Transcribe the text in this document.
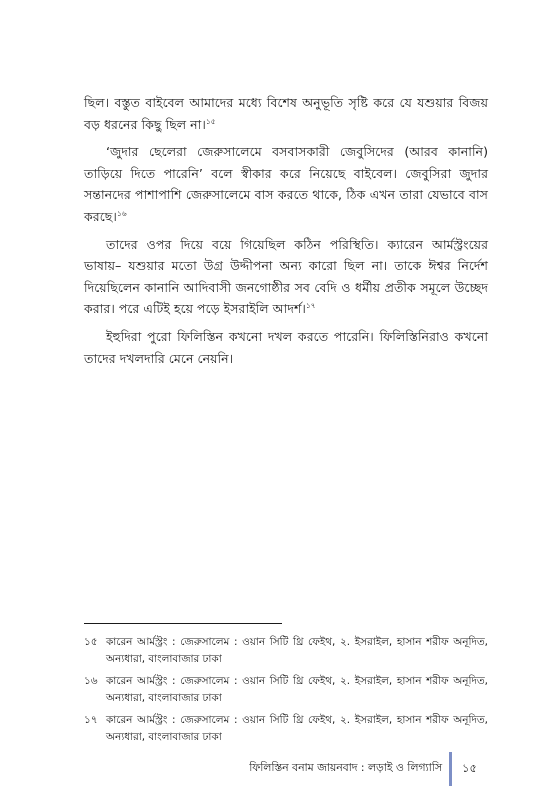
ছিল। বস্তুত বাইবেল আমাদের মধ্যে বিশেষ অনুভূতি সৃষ্টি করে যে যশুয়ার বিজয় বড় ধরনের কিছু ছিল না।$^{১৫}$

‘জুদার ছেলেরা জেরুসালেমে বসবাসকারী জেবুসিদের (আরব কানানি) তাড়িয়ে দিতে পারেনি’ বলে স্বীকার করে নিয়েছে বাইবেল। জেবুসিরা জুদার সন্তানদের পাশাপাশি জেরুসালেমে বাস করতে থাকে, ঠিক এখন তারা যেভাবে বাস করছে।$^{১৬}$

তাদের ওপর দিয়ে বয়ে গিয়েছিল কঠিন পরিস্থিতি। ক্যারেন আর্মস্ট্রংয়ের ভাষায়– যশুয়ার মতো উগ্র উদ্দীপনা অন্য কারো ছিল না। তাকে ঈশ্বর নির্দেশ দিয়েছিলেন কানানি আদিবাসী জনগোষ্ঠীর সব বেদি ও ধর্মীয় প্রতীক সমূলে উচ্ছেদ করার। পরে এটিই হয়ে পড়ে ইসরাইলি আদর্শ।$^{১৭}$

ইহুদিরা পুরো ফিলিস্তিন কখনো দখল করতে পারেনি। ফিলিস্তিনিরাও কখনো তাদের দখলদারি মেনে নেয়নি।

১৫ কারেন আর্মস্ট্রং : জেরুসালেম : ওয়ান সিটি থ্রি ফেইথ, ২. ইসরাইল, হাসান শরীফ অনূদিত, অন্যধারা, বাংলাবাজার ঢাকা
১৬ কারেন আর্মস্ট্রং : জেরুসালেম : ওয়ান সিটি থ্রি ফেইথ, ২. ইসরাইল, হাসান শরীফ অনূদিত, অন্যধারা, বাংলাবাজার ঢাকা
১৭ কারেন আর্মস্ট্রং : জেরুসালেম : ওয়ান সিটি থ্রি ফেইথ, ২. ইসরাইল, হাসান শরীফ অনূদিত, অন্যধারা, বাংলাবাজার ঢাকা
ফিলিস্তিন বনাম জায়নবাদ : লড়াই ও লিগ্যাসি ১৫
